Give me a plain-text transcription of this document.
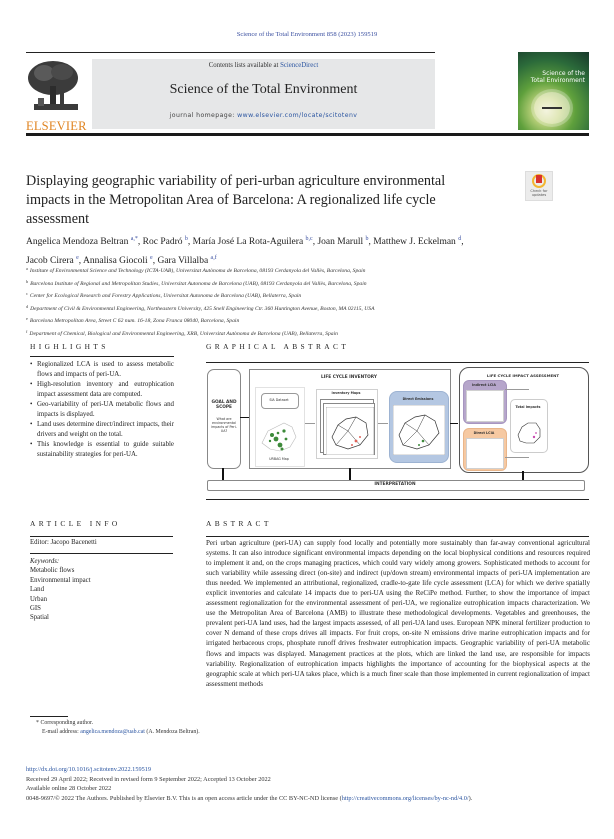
Science of the Total Environment 858 (2023) 159519
ELSEVIER
Contents lists available at ScienceDirect
Science of the Total Environment
journal homepage: www.elsevier.com/locate/scitotenv
Science of the
Total Environment
Displaying geographic variability of peri-urban agriculture environmental impacts in the Metropolitan Area of Barcelona: A regionalized life cycle assessment
Check for
updates
Angelica Mendoza Beltran $^{a,*}$, Roc Padró $^b$, María José La Rota-Aguilera $^{b,c}$, Joan Marull $^b$, Matthew J. Eckelman $^d$,
Jacob Cirera $^e$, Annalisa Giocoli $^e$, Gara Villalba $^{a,f}$
$^a$ Institute of Environmental Science and Technology (ICTA-UAB), Universitat Autònoma de Barcelona, 08193 Cerdanyola del Vallès, Barcelona, Spain
$^b$ Barcelona Institute of Regional and Metropolitan Studies, Universitat Autonoma de Barcelona (UAB), 08193 Cerdanyola del Vallès, Barcelona, Spain
$^c$ Center for Ecological Research and Forestry Applications, Universitat Autonoma de Barcelona (UAB), Bellaterra, Spain
$^d$ Department of Civil & Environmental Engineering, Northeastern University, 425 Snell Engineering Ctr. 360 Huntington Avenue, Boston, MA 02115, USA
$^e$ Barcelona Metropolitan Area, Street C 62 num. 16-18, Zona Franca 08040, Barcelona, Spain
$^f$ Department of Chemical, Biological and Environmental Engineering, XRB, Universitat Autònoma de Barcelona (UAB), Bellaterra, Spain
HIGHLIGHTS
• Regionalized LCA is used to assess metabolic flows and impacts of peri-UA.
• High-resolution inventory and eutrophication impact assessment data are computed.
• Geo-variability of peri-UA metabolic flows and impacts is displayed.
• Land uses determine direct/indirect impacts, their drivers and weight on the total.
• This knowledge is essential to guide suitable sustainability strategies for peri-UA.
GRAPHICAL ABSTRACT
GOAL AND SCOPE
What are environmental impacts of Peri-UA?
LIFE CYCLE INVENTORY
SIA Dataset
URBAG Map
Inventory Maps
Direct Emissions
LIFE CYCLE IMPACT ASSESSMENT
Indirect LCIA
Direct LCIA
Total Impacts
INTERPRETATION
ARTICLE INFO
Editor: Jacopo Bacenetti
Keywords:
Metabolic flows
Environmental impact
Land
Urban
GIS
Spatial
ABSTRACT
Peri urban agriculture (peri-UA) can supply food locally and potentially more sustainably than far-away conventional agricultural systems. It can also introduce significant environmental impacts depending on the local biophysical conditions and resources required to implement it and, on the crops managing practices, which could vary widely among growers. Sophisticated methods to account for such variability while assessing direct (on-site) and indirect (up/down stream) environmental impacts of peri-UA implementation are thus needed. We implemented an attributional, regionalized, cradle-to-gate life cycle assessment (LCA) for which we derive spatially explicit inventories and calculate 14 impacts due to peri-UA using the ReCiPe method. Further, to show the importance of impact assessment regionalization for the environmental assessment of peri-UA, we regionalize eutrophication impacts characterization. We use the Metropolitan Area of Barcelona (AMB) to illustrate these methodological developments. Vegetables and greenhouses, the prevalent peri-UA land uses, had the largest impacts assessed, of all peri-UA land uses. European NPK mineral fertilizer production to cover N demand of these crops drives all impacts. For fruit crops, on-site N emissions drive marine eutrophication impacts and for irrigated herbaceous crops, phosphate runoff drives freshwater eutrophication impacts. Geographic variability of peri-UA metabolic flows and impacts was displayed. Management practices at the plots, which are linked the land use, are responsible for impacts variability. Regionalization of eutrophication impacts highlights the importance of accounting for the biophysical aspects at the geographic scale at which peri-UA takes place, which is a much finer scale than those implemented in current regionalization of impact assessment methods
* Corresponding author.
E-mail address: angelica.mendoza@uab.cat (A. Mendoza Beltran).
http://dx.doi.org/10.1016/j.scitotenv.2022.159519
Received 29 April 2022; Received in revised form 9 September 2022; Accepted 13 October 2022
Available online 28 October 2022
0048-9697/© 2022 The Authors. Published by Elsevier B.V. This is an open access article under the CC BY-NC-ND license (http://creativecommons.org/licenses/by-nc-nd/4.0/).
